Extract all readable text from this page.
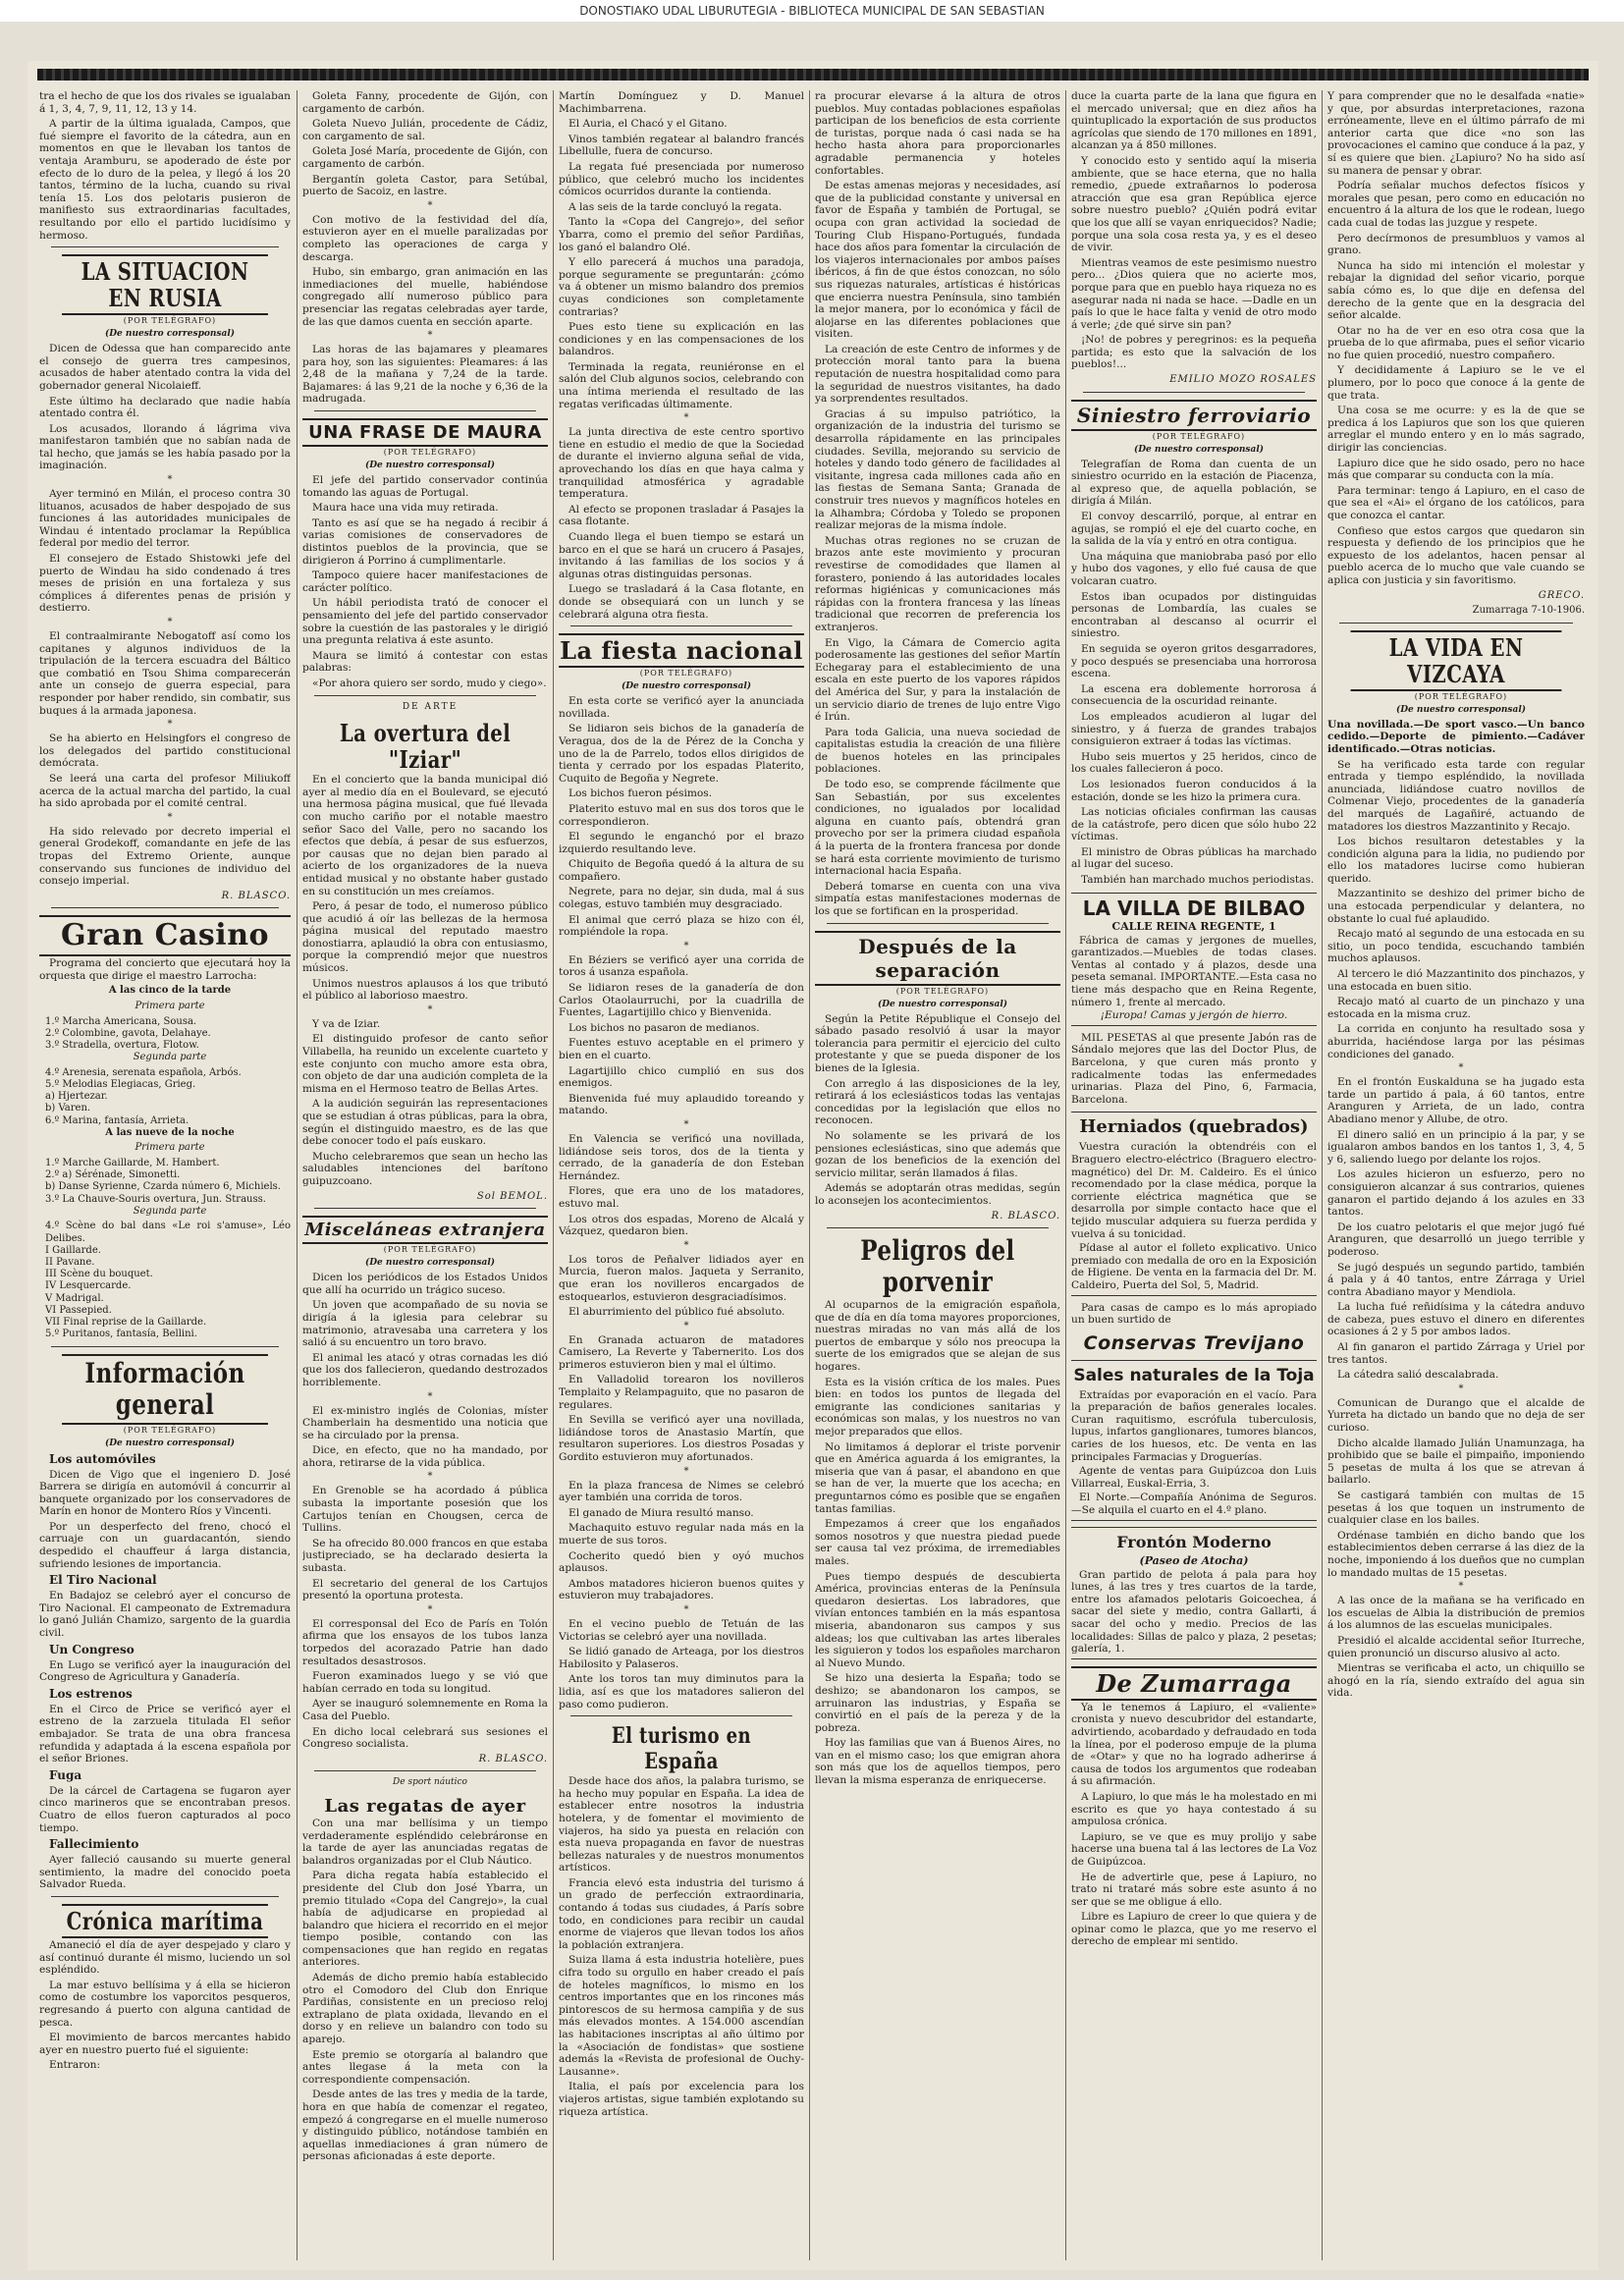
DONOSTIAKO UDAL LIBURUTEGIA - BIBLIOTECA MUNICIPAL DE SAN SEBASTIAN

tra el hecho de que los dos rivales se igualaban á 1, 3, 4, 7, 9, 11, 12, 13 y 14.

A partir de la última igualada, Campos, que fué siempre el favorito de la cátedra, aun en momentos en que le llevaban los tantos de ventaja Aramburu, se apoderado de éste por efecto de lo duro de la pelea, y llegó á los 20 tantos, término de la lucha, cuando su rival tenía 15. Los dos pelotaris pusieron de manifiesto sus extraordinarias facultades, resultando por ello el partido lucidísimo y hermoso.

LA SITUACION EN RUSIA

(POR TELÉGRAFO)

(De nuestro corresponsal)

Dicen de Odessa que han comparecido ante el consejo de guerra tres campesinos, acusados de haber atentado contra la vida del gobernador general Nicolaieff.

Este último ha declarado que nadie había atentado contra él.

Los acusados, llorando á lágrima viva manifestaron también que no sabían nada de tal hecho, que jamás se les había pasado por la imaginación.

*

Ayer terminó en Milán, el proceso contra 30 lituanos, acusados de haber despojado de sus funciones á las autoridades municipales de Windau é intentado proclamar la República federal por medio del terror.

El consejero de Estado Shistowki jefe del puerto de Windau ha sido condenado á tres meses de prisión en una fortaleza y sus cómplices á diferentes penas de prisión y destierro.

*

El contraalmirante Nebogatoff así como los capitanes y algunos individuos de la tripulación de la tercera escuadra del Báltico que combatió en Tsou Shima comparecerán ante un consejo de guerra especial, para responder por haber rendido, sin combatir, sus buques á la armada japonesa.

*

Se ha abierto en Helsingfors el congreso de los delegados del partido constitucional demócrata.

Se leerá una carta del profesor Miliukoff acerca de la actual marcha del partido, la cual ha sido aprobada por el comité central.

*

Ha sido relevado por decreto imperial el general Grodekoff, comandante en jefe de las tropas del Extremo Oriente, aunque conservando sus funciones de individuo del consejo imperial.

R. BLASCO.

Gran Casino

Programa del concierto que ejecutará hoy la orquesta que dirige el maestro Larrocha:

A las cinco de la tarde

Primera parte

1.º Marcha Americana, Sousa.
2.º Colombine, gavota, Delahaye.
3.º Stradella, overtura, Flotow.

Segunda parte

4.º Arenesia, serenata española, Arbós.
5.º Melodias Elegiacas, Grieg.
a) Hjertezar.
b) Varen.
6.º Marina, fantasía, Arrieta.

A las nueve de la noche

Primera parte

1.º Marche Gaillarde, M. Hambert.
2.º a) Sérénade, Simonetti.
b) Danse Syrienne, Czarda número 6, Michiels.
3.º La Chauve-Souris overtura, Jun. Strauss.

Segunda parte

4.º Scène do bal dans «Le roi s'amuse», Léo Delibes.
I Gaillarde.
II Pavane.
III Scène du bouquet.
IV Lesquercarde.
V Madrigal.
VI Passepied.
VII Final reprise de la Gaillarde.
5.º Puritanos, fantasía, Bellini.
Información general

(POR TELÉGRAFO)

(De nuestro corresponsal)

Los automóviles

Dicen de Vigo que el ingeniero D. José Barrera se dirigía en automóvil á concurrir al banquete organizado por los conservadores de Marín en honor de Montero Ríos y Vincenti.

Por un desperfecto del freno, chocó el carruaje con un guardacantón, siendo despedido el chauffeur á larga distancia, sufriendo lesiones de importancia.

El Tiro Nacional

En Badajoz se celebró ayer el concurso de Tiro Nacional. El campeonato de Extremadura lo ganó Julián Chamizo, sargento de la guardia civil.

Un Congreso

En Lugo se verificó ayer la inauguración del Congreso de Agricultura y Ganadería.

Los estrenos

En el Circo de Price se verificó ayer el estreno de la zarzuela titulada El señor embajador. Se trata de una obra francesa refundida y adaptada á la escena española por el señor Briones.

Fuga

De la cárcel de Cartagena se fugaron ayer cinco marineros que se encontraban presos. Cuatro de ellos fueron capturados al poco tiempo.

Fallecimiento

Ayer falleció causando su muerte general sentimiento, la madre del conocido poeta Salvador Rueda.

Crónica marítima

Amaneció el día de ayer despejado y claro y así continuó durante él mismo, luciendo un sol espléndido.

La mar estuvo bellísima y á ella se hicieron como de costumbre los vaporcitos pesqueros, regresando á puerto con alguna cantidad de pesca.

El movimiento de barcos mercantes habido ayer en nuestro puerto fué el siguiente:

Entraron:

Goleta Fanny, procedente de Gijón, con cargamento de carbón.

Goleta Nuevo Julián, procedente de Cádiz, con cargamento de sal.

Goleta José María, procedente de Gijón, con cargamento de carbón.

Bergantín goleta Castor, para Setúbal, puerto de Sacoiz, en lastre.

*

Con motivo de la festividad del día, estuvieron ayer en el muelle paralizadas por completo las operaciones de carga y descarga.

Hubo, sin embargo, gran animación en las inmediaciones del muelle, habiéndose congregado allí numeroso público para presenciar las regatas celebradas ayer tarde, de las que damos cuenta en sección aparte.

*

Las horas de las bajamares y pleamares para hoy, son las siguientes: Pleamares: á las 2,48 de la mañana y 7,24 de la tarde. Bajamares: á las 9,21 de la noche y 6,36 de la madrugada.

UNA FRASE DE MAURA

(POR TELÉGRAFO)

(De nuestro corresponsal)

El jefe del partido conservador continúa tomando las aguas de Portugal.

Maura hace una vida muy retirada.

Tanto es así que se ha negado á recibir á varias comisiones de conservadores de distintos pueblos de la provincia, que se dirigieron á Porrino á cumplimentarle.

Tampoco quiere hacer manifestaciones de carácter político.

Un hábil periodista trató de conocer el pensamiento del jefe del partido conservador sobre la cuestión de las pastorales y le dirigió una pregunta relativa á este asunto.

Maura se limitó á contestar con estas palabras:

«Por ahora quiero ser sordo, mudo y ciego».

DE ARTE

La overtura del "Iziar"

En el concierto que la banda municipal dió ayer al medio día en el Boulevard, se ejecutó una hermosa página musical, que fué llevada con mucho cariño por el notable maestro señor Saco del Valle, pero no sacando los efectos que debía, á pesar de sus esfuerzos, por causas que no dejan bien parado al acierto de los organizadores de la nueva entidad musical y no obstante haber gustado en su constitución un mes creíamos.

Pero, á pesar de todo, el numeroso público que acudió á oír las bellezas de la hermosa página musical del reputado maestro donostiarra, aplaudió la obra con entusiasmo, porque la comprendió mejor que nuestros músicos.

Unimos nuestros aplausos á los que tributó el público al laborioso maestro.

*

Y va de Iziar.

El distinguido profesor de canto señor Villabella, ha reunido un excelente cuarteto y este conjunto con mucho amore esta obra, con objeto de dar una audición completa de la misma en el Hermoso teatro de Bellas Artes.

A la audición seguirán las representaciones que se estudian á otras públicas, para la obra, según el distinguido maestro, es de las que debe conocer todo el país euskaro.

Mucho celebraremos que sean un hecho las saludables intenciones del barítono guipuzcoano.

Sol BEMOL.

Misceláneas extranjera

(POR TELÉGRAFO)

(De nuestro corresponsal)

Dicen los periódicos de los Estados Unidos que allí ha ocurrido un trágico suceso.

Un joven que acompañado de su novia se dirigía á la iglesia para celebrar su matrimonio, atravesaba una carretera y los salió á su encuentro un toro bravo.

El animal les atacó y otras cornadas les dió que los dos fallecieron, quedando destrozados horriblemente.

*

El ex-ministro inglés de Colonias, míster Chamberlain ha desmentido una noticia que se ha circulado por la prensa.

Dice, en efecto, que no ha mandado, por ahora, retirarse de la vida pública.

*

En Grenoble se ha acordado á pública subasta la importante posesión que los Cartujos tenían en Chougsen, cerca de Tullins.

Se ha ofrecido 80.000 francos en que estaba justipreciado, se ha declarado desierta la subasta.

El secretario del general de los Cartujos presentó la oportuna protesta.

*

El corresponsal del Eco de París en Tolón afirma que los ensayos de los tubos lanza torpedos del acorazado Patrie han dado resultados desastrosos.

Fueron examinados luego y se vió que habían cerrado en toda su longitud.

Ayer se inauguró solemnemente en Roma la Casa del Pueblo.

En dicho local celebrará sus sesiones el Congreso socialista.

R. BLASCO.

De sport náutico

Las regatas de ayer

Con una mar bellísima y un tiempo verdaderamente espléndido celebráronse en la tarde de ayer las anunciadas regatas de balandros organizadas por el Club Náutico.

Para dicha regata había establecido el presidente del Club don José Ybarra, un premio titulado «Copa del Cangrejo», la cual había de adjudicarse en propiedad al balandro que hiciera el recorrido en el mejor tiempo posible, contando con las compensaciones que han regido en regatas anteriores.

Además de dicho premio había establecido otro el Comodoro del Club don Enrique Pardiñas, consistente en un precioso reloj extraplano de plata oxidada, llevando en el dorso y en relieve un balandro con todo su aparejo.

Este premio se otorgaría al balandro que antes llegase á la meta con la correspondiente compensación.

Desde antes de las tres y media de la tarde, hora en que había de comenzar el regateo, empezó á congregarse en el muelle numeroso y distinguido público, notándose también en aquellas inmediaciones á gran número de personas aficionadas á este deporte.

Martín Domínguez y D. Manuel Machimbarrena.

El Auria, el Chacó y el Gitano.

Vinos también regatear al balandro francés Libellulle, fuera de concurso.

La regata fué presenciada por numeroso público, que celebró mucho los incidentes cómicos ocurridos durante la contienda.

A las seis de la tarde concluyó la regata.

Tanto la «Copa del Cangrejo», del señor Ybarra, como el premio del señor Pardiñas, los ganó el balandro Olé.

Y ello parecerá á muchos una paradoja, porque seguramente se preguntarán: ¿cómo va á obtener un mismo balandro dos premios cuyas condiciones son completamente contrarias?

Pues esto tiene su explicación en las condiciones y en las compensaciones de los balandros.

Terminada la regata, reuniéronse en el salón del Club algunos socios, celebrando con una íntima merienda el resultado de las regatas verificadas últimamente.

*

La junta directiva de este centro sportivo tiene en estudio el medio de que la Sociedad de durante el invierno alguna señal de vida, aprovechando los días en que haya calma y tranquilidad atmosférica y agradable temperatura.

Al efecto se proponen trasladar á Pasajes la casa flotante.

Cuando llega el buen tiempo se estará un barco en el que se hará un crucero á Pasajes, invitando á las familias de los socios y á algunas otras distinguidas personas.

Luego se trasladará á la Casa flotante, en donde se obsequiará con un lunch y se celebrará alguna otra fiesta.

La fiesta nacional

(POR TELÉGRAFO)

(De nuestro corresponsal)

En esta corte se verificó ayer la anunciada novillada.

Se lidiaron seis bichos de la ganadería de Veragua, dos de la de Pérez de la Concha y uno de la de Parrelo, todos ellos dirigidos de tienta y cerrado por los espadas Platerito, Cuquito de Begoña y Negrete.

Los bichos fueron pésimos.

Platerito estuvo mal en sus dos toros que le correspondieron.

El segundo le enganchó por el brazo izquierdo resultando leve.

Chiquito de Begoña quedó á la altura de su compañero.

Negrete, para no dejar, sin duda, mal á sus colegas, estuvo también muy desgraciado.

El animal que cerró plaza se hizo con él, rompiéndole la ropa.

*

En Béziers se verificó ayer una corrida de toros á usanza española.

Se lidiaron reses de la ganadería de don Carlos Otaolaurruchi, por la cuadrilla de Fuentes, Lagartijillo chico y Bienvenida.

Los bichos no pasaron de medianos.

Fuentes estuvo aceptable en el primero y bien en el cuarto.

Lagartijillo chico cumplió en sus dos enemigos.

Bienvenida fué muy aplaudido toreando y matando.

*

En Valencia se verificó una novillada, lidiándose seis toros, dos de la tienta y cerrado, de la ganadería de don Esteban Hernández.

Flores, que era uno de los matadores, estuvo mal.

Los otros dos espadas, Moreno de Alcalá y Vázquez, quedaron bien.

*

Los toros de Peñalver lidiados ayer en Murcia, fueron malos. Jaqueta y Serranito, que eran los novilleros encargados de estoquearlos, estuvieron desgraciadísimos.

El aburrimiento del público fué absoluto.

*

En Granada actuaron de matadores Camisero, La Reverte y Tabernerito. Los dos primeros estuvieron bien y mal el último.

En Valladolid torearon los novilleros Templaito y Relampaguito, que no pasaron de regulares.

En Sevilla se verificó ayer una novillada, lidiándose toros de Anastasio Martín, que resultaron superiores. Los diestros Posadas y Gordito estuvieron muy afortunados.

*

En la plaza francesa de Nimes se celebró ayer también una corrida de toros.

El ganado de Miura resultó manso.

Machaquito estuvo regular nada más en la muerte de sus toros.

Cocherito quedó bien y oyó muchos aplausos.

Ambos matadores hicieron buenos quites y estuvieron muy trabajadores.

*

En el vecino pueblo de Tetuán de las Victorias se celebró ayer una novillada.

Se lidió ganado de Arteaga, por los diestros Habilosito y Palaseros.

Ante los toros tan muy diminutos para la lidia, así es que los matadores salieron del paso como pudieron.

El turismo en España

Desde hace dos años, la palabra turismo, se ha hecho muy popular en España. La idea de establecer entre nosotros la industria hotelera, y de fomentar el movimiento de viajeros, ha sido ya puesta en relación con esta nueva propaganda en favor de nuestras bellezas naturales y de nuestros monumentos artísticos.

Francia elevó esta industria del turismo á un grado de perfección extraordinaria, contando á todas sus ciudades, á París sobre todo, en condiciones para recibir un caudal enorme de viajeros que llevan todos los años la población extranjera.

Suiza llama á esta industria hotelière, pues cifra todo su orgullo en haber creado el país de hoteles magníficos, lo mismo en los centros importantes que en los rincones más pintorescos de su hermosa campiña y de sus más elevados montes. A 154.000 ascendían las habitaciones inscriptas al año último por la «Asociación de fondistas» que sostiene además la «Revista de profesional de Ouchy-Lausanne».

Italia, el país por excelencia para los viajeros artistas, sigue también explotando su riqueza artística.

ra procurar elevarse á la altura de otros pueblos. Muy contadas poblaciones españolas participan de los beneficios de esta corriente de turistas, porque nada ó casi nada se ha hecho hasta ahora para proporcionarles agradable permanencia y hoteles confortables.

De estas amenas mejoras y necesidades, así que de la publicidad constante y universal en favor de España y también de Portugal, se ocupa con gran actividad la sociedad de Touring Club Hispano-Portugués, fundada hace dos años para fomentar la circulación de los viajeros internacionales por ambos países ibéricos, á fin de que éstos conozcan, no sólo sus riquezas naturales, artísticas é históricas que encierra nuestra Península, sino también la mejor manera, por lo económica y fácil de alojarse en las diferentes poblaciones que visiten.

La creación de este Centro de informes y de protección moral tanto para la buena reputación de nuestra hospitalidad como para la seguridad de nuestros visitantes, ha dado ya sorprendentes resultados.

Gracias á su impulso patriótico, la organización de la industria del turismo se desarrolla rápidamente en las principales ciudades. Sevilla, mejorando su servicio de hoteles y dando todo género de facilidades al visitante, ingresa cada millones cada año en las fiestas de Semana Santa; Granada de construir tres nuevos y magníficos hoteles en la Alhambra; Córdoba y Toledo se proponen realizar mejoras de la misma índole.

Muchas otras regiones no se cruzan de brazos ante este movimiento y procuran revestirse de comodidades que llamen al forastero, poniendo á las autoridades locales reformas higiénicas y comunicaciones más rápidas con la frontera francesa y las líneas tradicional que recorren de preferencia los extranjeros.

En Vigo, la Cámara de Comercio agita poderosamente las gestiones del señor Martín Echegaray para el establecimiento de una escala en este puerto de los vapores rápidos del América del Sur, y para la instalación de un servicio diario de trenes de lujo entre Vigo é Irún.

Para toda Galicia, una nueva sociedad de capitalistas estudia la creación de una filière de buenos hoteles en las principales poblaciones.

De todo eso, se comprende fácilmente que San Sebastián, por sus excelentes condiciones, no igualados por localidad alguna en cuanto país, obtendrá gran provecho por ser la primera ciudad española á la puerta de la frontera francesa por donde se hará esta corriente movimiento de turismo internacional hacia España.

Deberá tomarse en cuenta con una viva simpatía estas manifestaciones modernas de los que se fortifican en la prosperidad.

Después de la separación

(POR TELÉGRAFO)

(De nuestro corresponsal)

Según la Petite République el Consejo del sábado pasado resolvió á usar la mayor tolerancia para permitir el ejercicio del culto protestante y que se pueda disponer de los bienes de la Iglesia.

Con arreglo á las disposiciones de la ley, retirará á los eclesiásticos todas las ventajas concedidas por la legislación que ellos no reconocen.

No solamente se les privará de los pensiones eclesiásticas, sino que además que gozan de los beneficios de la exención del servicio militar, serán llamados á filas.

Además se adoptarán otras medidas, según lo aconsejen los acontecimientos.

R. BLASCO.

Peligros del porvenir

Al ocuparnos de la emigración española, que de día en día toma mayores proporciones, nuestras miradas no van más allá de los puertos de embarque y sólo nos preocupa la suerte de los emigrados que se alejan de sus hogares.

Esta es la visión crítica de los males. Pues bien: en todos los puntos de llegada del emigrante las condiciones sanitarias y económicas son malas, y los nuestros no van mejor preparados que ellos.

No limitamos á deplorar el triste porvenir que en América aguarda á los emigrantes, la miseria que van á pasar, el abandono en que se han de ver, la muerte que los acecha; en preguntarnos cómo es posible que se engañen tantas familias.

Empezamos á creer que los engañados somos nosotros y que nuestra piedad puede ser causa tal vez próxima, de irremediables males.

Pues tiempo después de descubierta América, provincias enteras de la Península quedaron desiertas. Los labradores, que vivían entonces también en la más espantosa miseria, abandonaron sus campos y sus aldeas; los que cultivaban las artes liberales les siguieron y todos los españoles marcharon al Nuevo Mundo.

Se hizo una desierta la España; todo se deshizo; se abandonaron los campos, se arruinaron las industrias, y España se convirtió en el país de la pereza y de la pobreza.

Hoy las familias que van á Buenos Aires, no van en el mismo caso; los que emigran ahora son más que los de aquellos tiempos, pero llevan la misma esperanza de enriquecerse.

duce la cuarta parte de la lana que figura en el mercado universal; que en diez años ha quintuplicado la exportación de sus productos agrícolas que siendo de 170 millones en 1891, alcanzan ya á 850 millones.

Y conocido esto y sentido aquí la miseria ambiente, que se hace eterna, que no halla remedio, ¿puede extrañarnos lo poderosa atracción que esa gran República ejerce sobre nuestro pueblo? ¿Quién podrá evitar que los que allí se vayan enriquecidos? Nadie; porque una sola cosa resta ya, y es el deseo de vivir.

Mientras veamos de este pesimismo nuestro pero... ¿Dios quiera que no acierte mos, porque para que en pueblo haya riqueza no es asegurar nada ni nada se hace. —Dadle en un país lo que le hace falta y venid de otro modo á verle; ¿de qué sirve sin pan?

¡No! de pobres y peregrinos: es la pequeña partida; es esto que la salvación de los pueblos!...

EMILIO MOZO ROSALES

Siniestro ferroviario

(POR TELÉGRAFO)

(De nuestro corresponsal)

Telegrafían de Roma dan cuenta de un siniestro ocurrido en la estación de Piacenza, al expreso que, de aquella población, se dirigía á Milán.

El convoy descarriló, porque, al entrar en agujas, se rompió el eje del cuarto coche, en la salida de la vía y entró en otra contigua.

Una máquina que maniobraba pasó por ello y hubo dos vagones, y ello fué causa de que volcaran cuatro.

Estos iban ocupados por distinguidas personas de Lombardía, las cuales se encontraban al descanso al ocurrir el siniestro.

En seguida se oyeron gritos desgarradores, y poco después se presenciaba una horrorosa escena.

La escena era doblemente horrorosa á consecuencia de la oscuridad reinante.

Los empleados acudieron al lugar del siniestro, y á fuerza de grandes trabajos consiguieron extraer á todas las víctimas.

Hubo seis muertos y 25 heridos, cinco de los cuales fallecieron á poco.

Los lesionados fueron conducidos á la estación, donde se les hizo la primera cura.

Las noticias oficiales confirman las causas de la catástrofe, pero dicen que sólo hubo 22 víctimas.

El ministro de Obras públicas ha marchado al lugar del suceso.

También han marchado muchos periodistas.

LA VILLA DE BILBAO
CALLE REINA REGENTE, 1

Fábrica de camas y jergones de muelles, garantizados.—Muebles de todas clases. Ventas al contado y á plazos, desde una peseta semanal. IMPORTANTE.—Esta casa no tiene más despacho que en Reina Regente, número 1, frente al mercado.

¡Europa! Camas y jergón de hierro.

MIL PESETAS al que presente Jabón ras de Sándalo mejores que las del Doctor Plus, de Barcelona, y que curen más pronto y radicalmente todas las enfermedades urinarias. Plaza del Pino, 6, Farmacia, Barcelona.

Herniados (quebrados)

Vuestra curación la obtendréis con el Braguero electro-eléctrico (Braguero electro-magnético) del Dr. M. Caldeiro. Es el único recomendado por la clase médica, porque la corriente eléctrica magnética que se desarrolla por simple contacto hace que el tejido muscular adquiera su fuerza perdida y vuelva á su tonicidad.

Pídase al autor el folleto explicativo. Unico premiado con medalla de oro en la Exposición de Higiene. De venta en la farmacia del Dr. M. Caldeiro, Puerta del Sol, 5, Madrid.

Para casas de campo es lo más apropiado un buen surtido de

Conservas Trevijano
Sales naturales de la Toja

Extraídas por evaporación en el vacío. Para la preparación de baños generales locales. Curan raquitismo, escrófula tuberculosis, lupus, infartos ganglionares, tumores blancos, caries de los huesos, etc. De venta en las principales Farmacias y Droguerías.

Agente de ventas para Guipúzcoa don Luis Villarreal, Euskal-Erria, 3.

El Norte.—Compañía Anónima de Seguros.—Se alquila el cuarto en el 4.º plano.

Frontón Moderno
(Paseo de Atocha)

Gran partido de pelota á pala para hoy lunes, á las tres y tres cuartos de la tarde, entre los afamados pelotaris Goicoechea, á sacar del siete y medio, contra Gallarti, á sacar del ocho y medio. Precios de las localidades: Sillas de palco y plaza, 2 pesetas; galería, 1.

De Zumarraga

Ya le tenemos á Lapiuro, el «valiente» cronista y nuevo descubridor del estandarte, advirtiendo, acobardado y defraudado en toda la línea, por el poderoso empuje de la pluma de «Otar» y que no ha logrado adherirse á causa de todos los argumentos que rodeaban á su afirmación.

A Lapiuro, lo que más le ha molestado en mi escrito es que yo haya contestado á su ampulosa crónica.

Lapiuro, se ve que es muy prolijo y sabe hacerse una buena tal á las lectores de La Voz de Guipúzcoa.

He de advertirle que, pese á Lapiuro, no trato ni trataré más sobre este asunto á no ser que se me obligue á ello.

Libre es Lapiuro de creer lo que quiera y de opinar como le plazca, que yo me reservo el derecho de emplear mi sentido.

Y para comprender que no le desalfada «natie» y que, por absurdas interpretaciones, razona erróneamente, lleve en el último párrafo de mi anterior carta que dice «no son las provocaciones el camino que conduce á la paz, y sí es quiere que bien. ¿Lapiuro? No ha sido así su manera de pensar y obrar.

Podría señalar muchos defectos físicos y morales que pesan, pero como en educación no encuentro á la altura de los que le rodean, luego cada cual de todas las juzgue y respete.

Pero decírmonos de presumbluos y vamos al grano.

Nunca ha sido mi intención el molestar y rebajar la dignidad del señor vicario, porque sabía cómo es, lo que dije en defensa del derecho de la gente que en la desgracia del señor alcalde.

Otar no ha de ver en eso otra cosa que la prueba de lo que afirmaba, pues el señor vicario no fue quien procedió, nuestro compañero.

Y decididamente á Lapiuro se le ve el plumero, por lo poco que conoce á la gente de que trata.

Una cosa se me ocurre: y es la de que se predica á los Lapiuros que son los que quieren arreglar el mundo entero y en lo más sagrado, dirigir las conciencias.

Lapiuro dice que he sido osado, pero no hace más que comparar su conducta con la mía.

Para terminar: tengo á Lapiuro, en el caso de que sea el «Ai» el órgano de los católicos, para que conozca el cantar.

Confieso que estos cargos que quedaron sin respuesta y defiendo de los principios que he expuesto de los adelantos, hacen pensar al pueblo acerca de lo mucho que vale cuando se aplica con justicia y sin favoritismo.

GRECO.

Zumarraga 7-10-1906.

LA VIDA EN VIZCAYA

(POR TELÉGRAFO)

(De nuestro corresponsal)

Una novillada.—De sport vasco.—Un banco cedido.—Deporte de pimiento.—Cadáver identificado.—Otras noticias.

Se ha verificado esta tarde con regular entrada y tiempo espléndido, la novillada anunciada, lidiándose cuatro novillos de Colmenar Viejo, procedentes de la ganadería del marqués de Lagañiré, actuando de matadores los diestros Mazzantinito y Recajo.

Los bichos resultaron detestables y la condición alguna para la lidia, no pudiendo por ello los matadores lucirse como hubieran querido.

Mazzantinito se deshizo del primer bicho de una estocada perpendicular y delantera, no obstante lo cual fué aplaudido.

Recajo mató al segundo de una estocada en su sitio, un poco tendida, escuchando también muchos aplausos.

Al tercero le dió Mazzantinito dos pinchazos, y una estocada en buen sitio.

Recajo mató al cuarto de un pinchazo y una estocada en la misma cruz.

La corrida en conjunto ha resultado sosa y aburrida, haciéndose larga por las pésimas condiciones del ganado.

*

En el frontón Euskalduna se ha jugado esta tarde un partido á pala, á 60 tantos, entre Aranguren y Arrieta, de un lado, contra Abadiano menor y Allube, de otro.

El dinero salió en un principio á la par, y se igualaron ambos bandos en los tantos 1, 3, 4, 5 y 6, saliendo luego por delante los rojos.

Los azules hicieron un esfuerzo, pero no consiguieron alcanzar á sus contrarios, quienes ganaron el partido dejando á los azules en 33 tantos.

De los cuatro pelotaris el que mejor jugó fué Aranguren, que desarrolló un juego terrible y poderoso.

Se jugó después un segundo partido, también á pala y á 40 tantos, entre Zárraga y Uriel contra Abadiano mayor y Mendiola.

La lucha fué reñidísima y la cátedra anduvo de cabeza, pues estuvo el dinero en diferentes ocasiones á 2 y 5 por ambos lados.

Al fin ganaron el partido Zárraga y Uriel por tres tantos.

La cátedra salió descalabrada.

*

Comunican de Durango que el alcalde de Yurreta ha dictado un bando que no deja de ser curioso.

Dicho alcalde llamado Julián Unamunzaga, ha prohibido que se baile el pimpaiño, imponiendo 5 pesetas de multa á los que se atrevan á bailarlo.

Se castigará también con multas de 15 pesetas á los que toquen un instrumento de cualquier clase en los bailes.

Ordénase también en dicho bando que los establecimientos deben cerrarse á las diez de la noche, imponiendo á los dueños que no cumplan lo mandado multas de 15 pesetas.

*

A las once de la mañana se ha verificado en los escuelas de Albia la distribución de premios á los alumnos de las escuelas municipales.

Presidió el alcalde accidental señor Iturreche, quien pronunció un discurso alusivo al acto.

Mientras se verificaba el acto, un chiquillo se ahogó en la ría, siendo extraído del agua sin vida.
